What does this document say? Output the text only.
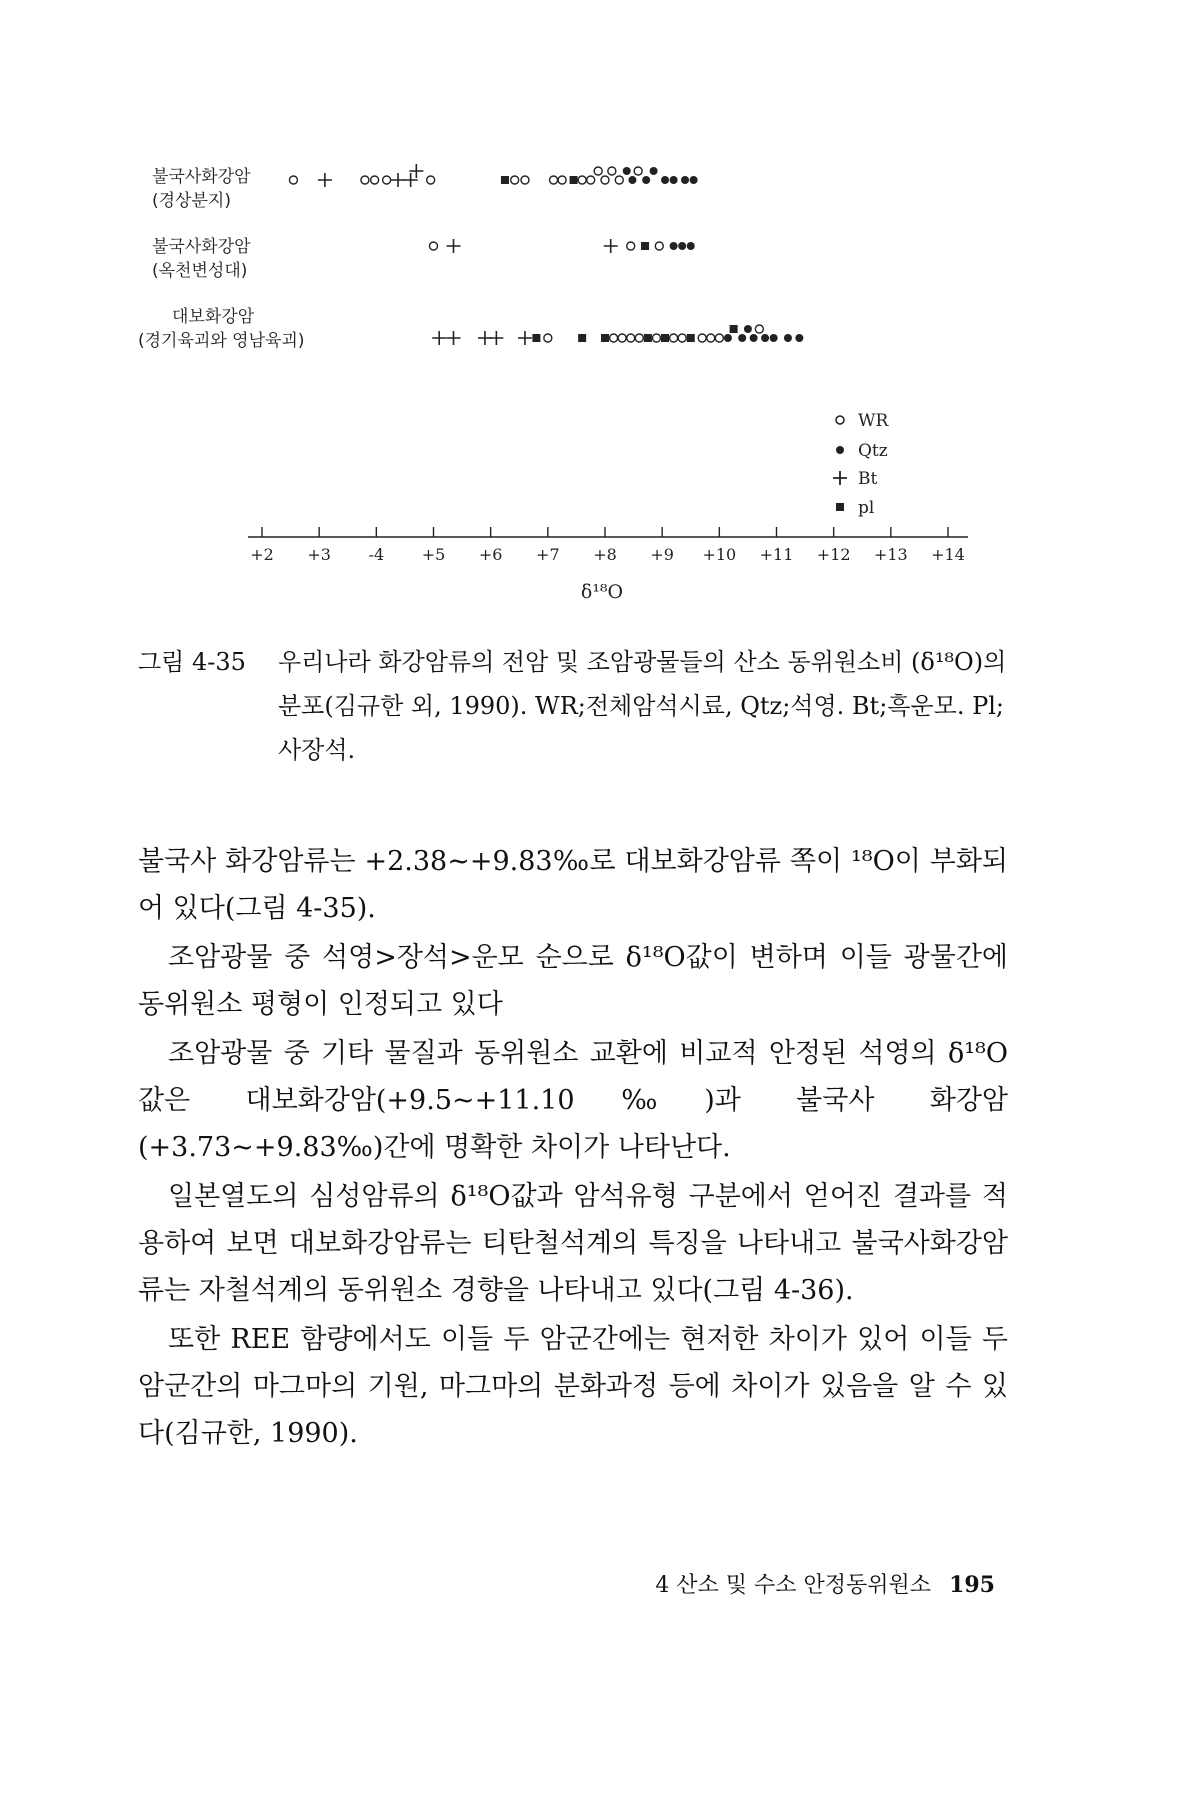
불국사화강암
(경상분지)
불국사화강암
(옥천변성대)
대보화강암
(경기육괴와 영남육괴)
WR
Qtz
Bt
pl
+2 +3 -4 +5 +6 +7 +8 +9 +10 +11 +12 +13 +14
δ¹⁸O
그림 4-35 우리나라 화강암류의 전암 및 조암광물들의 산소 동위원소비 (δ¹⁸O)의 분포(김규한 외, 1990). WR;전체암석시료, Qtz;석영. Bt;흑운모. Pl;사장석.

불국사 화강암류는 +2.38~+9.83‰로 대보화강암류 쪽이 ¹⁸O이 부화되어 있다(그림 4-35).

조암광물 중 석영>장석>운모 순으로 δ¹⁸O값이 변하며 이들 광물간에 동위원소 평형이 인정되고 있다

조암광물 중 기타 물질과 동위원소 교환에 비교적 안정된 석영의 δ¹⁸O값은 대보화강암(+9.5~+11.10‰)과 불국사 화강암(+3.73~+9.83‰)간에 명확한 차이가 나타난다.

일본열도의 심성암류의 δ¹⁸O값과 암석유형 구분에서 얻어진 결과를 적용하여 보면 대보화강암류는 티탄철석계의 특징을 나타내고 불국사화강암류는 자철석계의 동위원소 경향을 나타내고 있다(그림 4-36).

또한 REE 함량에서도 이들 두 암군간에는 현저한 차이가 있어 이들 두 암군간의 마그마의 기원, 마그마의 분화과정 등에 차이가 있음을 알 수 있다(김규한, 1990).

4 산소 및 수소 안정동위원소 195
